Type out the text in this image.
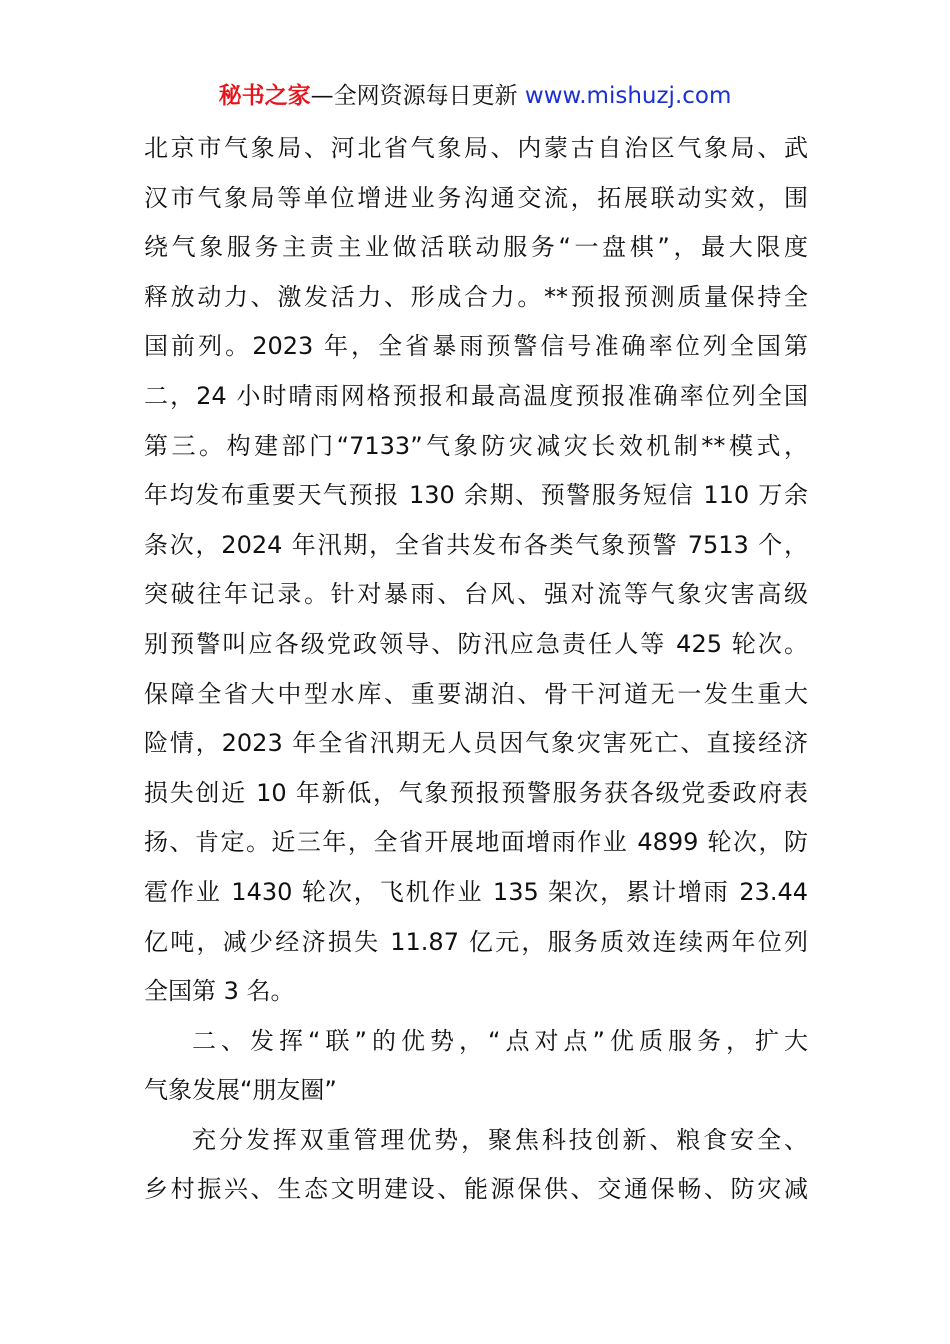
秘书之家—全网资源每日更新 www.mishuzj.com

北京市气象局、河北省气象局、内蒙古自治区气象局、武
汉市气象局等单位增进业务沟通交流，拓展联动实效，围
绕气象服务主责主业做活联动服务“一盘棋”，最大限度
释放动力、激发活力、形成合力。**预报预测质量保持全
国前列。2023 年，全省暴雨预警信号准确率位列全国第
二，24 小时晴雨网格预报和最高温度预报准确率位列全国
第三。构建部门“7133”气象防灾减灾长效机制**模式，
年均发布重要天气预报 130 余期、预警服务短信 110 万余
条次，2024 年汛期，全省共发布各类气象预警 7513 个，
突破往年记录。针对暴雨、台风、强对流等气象灾害高级
别预警叫应各级党政领导、防汛应急责任人等 425 轮次。
保障全省大中型水库、重要湖泊、骨干河道无一发生重大
险情，2023 年全省汛期无人员因气象灾害死亡、直接经济
损失创近 10 年新低，气象预报预警服务获各级党委政府表
扬、肯定。近三年，全省开展地面增雨作业 4899 轮次，防
雹作业 1430 轮次，飞机作业 135 架次，累计增雨 23.44
亿吨，减少经济损失 11.87 亿元，服务质效连续两年位列
全国第 3 名。

二、发挥“联”的优势，“点对点”优质服务，扩大
气象发展“朋友圈”

充分发挥双重管理优势，聚焦科技创新、粮食安全、
乡村振兴、生态文明建设、能源保供、交通保畅、防灾减
